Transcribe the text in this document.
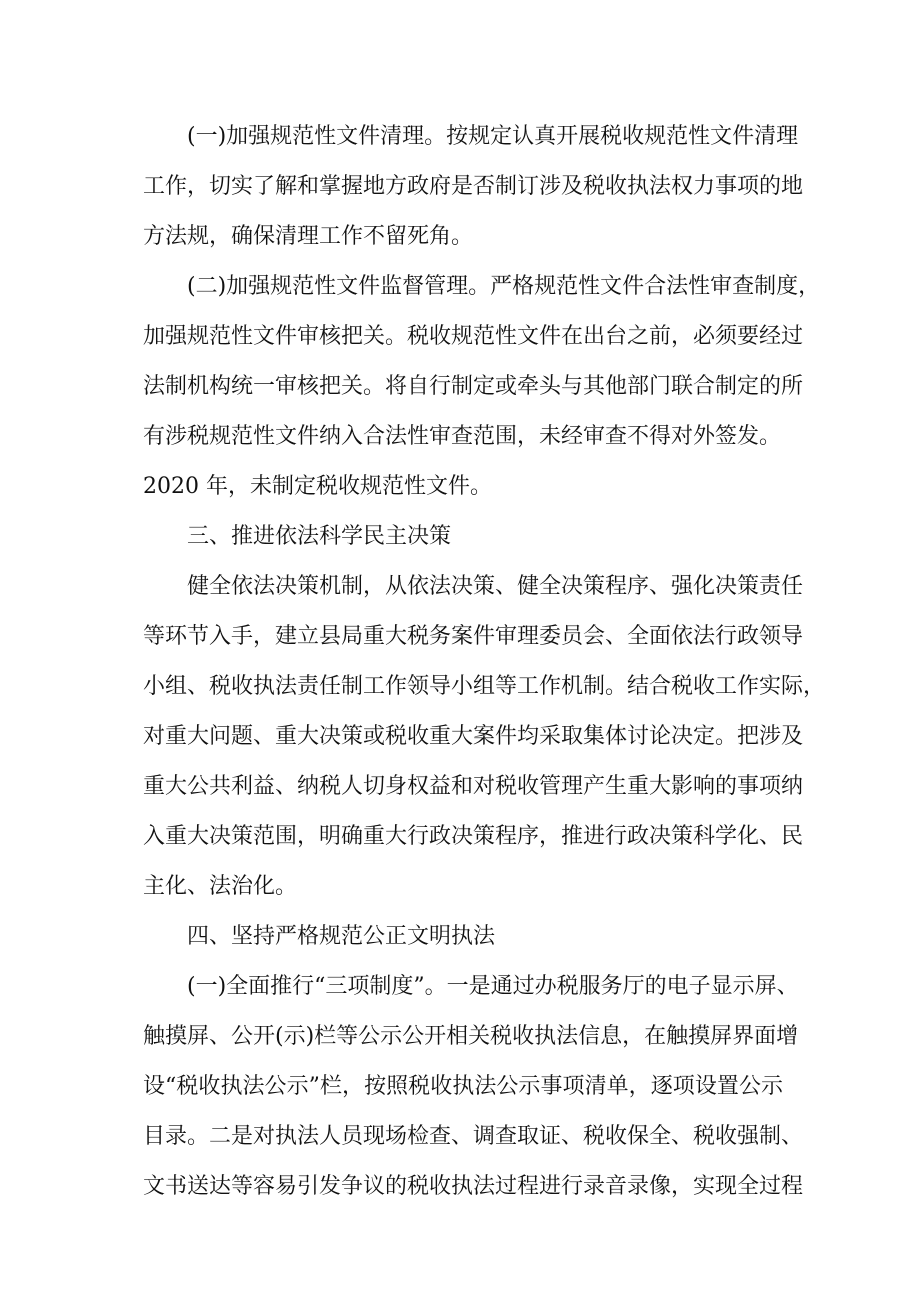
(一)加强规范性文件清理。按规定认真开展税收规范性文件清理
工作，切实了解和掌握地方政府是否制订涉及税收执法权力事项的地
方法规，确保清理工作不留死角。
(二)加强规范性文件监督管理。严格规范性文件合法性审查制度，
加强规范性文件审核把关。税收规范性文件在出台之前，必须要经过
法制机构统一审核把关。将自行制定或牵头与其他部门联合制定的所
有涉税规范性文件纳入合法性审查范围，未经审查不得对外签发。
2020 年，未制定税收规范性文件。
三、推进依法科学民主决策
健全依法决策机制，从依法决策、健全决策程序、强化决策责任
等环节入手，建立县局重大税务案件审理委员会、全面依法行政领导
小组、税收执法责任制工作领导小组等工作机制。结合税收工作实际，
对重大问题、重大决策或税收重大案件均采取集体讨论决定。把涉及
重大公共利益、纳税人切身权益和对税收管理产生重大影响的事项纳
入重大决策范围，明确重大行政决策程序，推进行政决策科学化、民
主化、法治化。
四、坚持严格规范公正文明执法
(一)全面推行“三项制度”。一是通过办税服务厅的电子显示屏、
触摸屏、公开(示)栏等公示公开相关税收执法信息，在触摸屏界面增
设“税收执法公示”栏，按照税收执法公示事项清单，逐项设置公示
目录。二是对执法人员现场检查、调查取证、税收保全、税收强制、
文书送达等容易引发争议的税收执法过程进行录音录像，实现全过程
